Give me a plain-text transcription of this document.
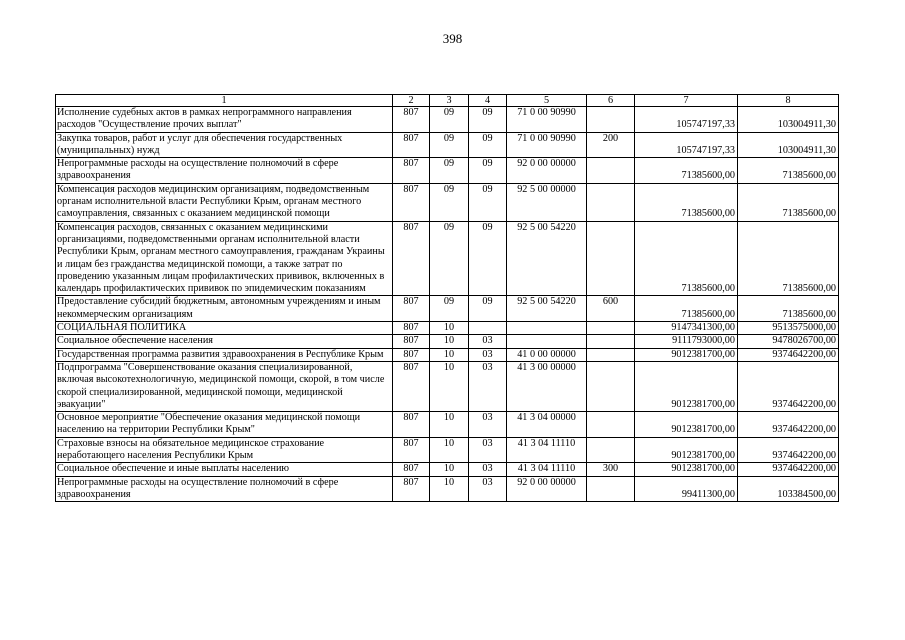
398
1	2	3	4	5	6	7	8
Исполнение судебных актов в рамках непрограммного направления расходов "Осуществление прочих выплат"	807	09	09	71 0 00 90990		105747197,33	103004911,30
Закупка товаров, работ и услуг для обеспечения государственных (муниципальных) нужд	807	09	09	71 0 00 90990	200	105747197,33	103004911,30
Непрограммные расходы на осуществление полномочий в сфере здравоохранения	807	09	09	92 0 00 00000		71385600,00	71385600,00
Компенсация расходов медицинским организациям, подведомственным органам исполнительной власти Республики Крым, органам местного самоуправления, связанных с оказанием медицинской помощи	807	09	09	92 5 00 00000		71385600,00	71385600,00
Компенсация расходов, связанных с оказанием медицинскими организациями, подведомственными органам исполнительной власти Республики Крым, органам местного самоуправления, гражданам Украины и лицам без гражданства медицинской помощи, а также затрат по проведению указанным лицам профилактических прививок, включенных в календарь профилактических прививок по эпидемическим показаниям	807	09	09	92 5 00 54220		71385600,00	71385600,00
Предоставление субсидий бюджетным, автономным учреждениям и иным некоммерческим организациям	807	09	09	92 5 00 54220	600	71385600,00	71385600,00
СОЦИАЛЬНАЯ ПОЛИТИКА	807	10				9147341300,00	9513575000,00
Социальное обеспечение населения	807	10	03			9111793000,00	9478026700,00
Государственная программа развития здравоохранения в Республике Крым	807	10	03	41 0 00 00000		9012381700,00	9374642200,00
Подпрограмма "Совершенствование оказания специализированной, включая высокотехнологичную, медицинской помощи, скорой, в том числе скорой специализированной, медицинской помощи, медицинской эвакуации"	807	10	03	41 3 00 00000		9012381700,00	9374642200,00
Основное мероприятие "Обеспечение оказания медицинской помощи населению на территории Республики Крым"	807	10	03	41 3 04 00000		9012381700,00	9374642200,00
Страховые взносы на обязательное медицинское страхование неработающего населения Республики Крым	807	10	03	41 3 04 11110		9012381700,00	9374642200,00
Социальное обеспечение и иные выплаты населению	807	10	03	41 3 04 11110	300	9012381700,00	9374642200,00
Непрограммные расходы на осуществление полномочий в сфере здравоохранения	807	10	03	92 0 00 00000		99411300,00	103384500,00
